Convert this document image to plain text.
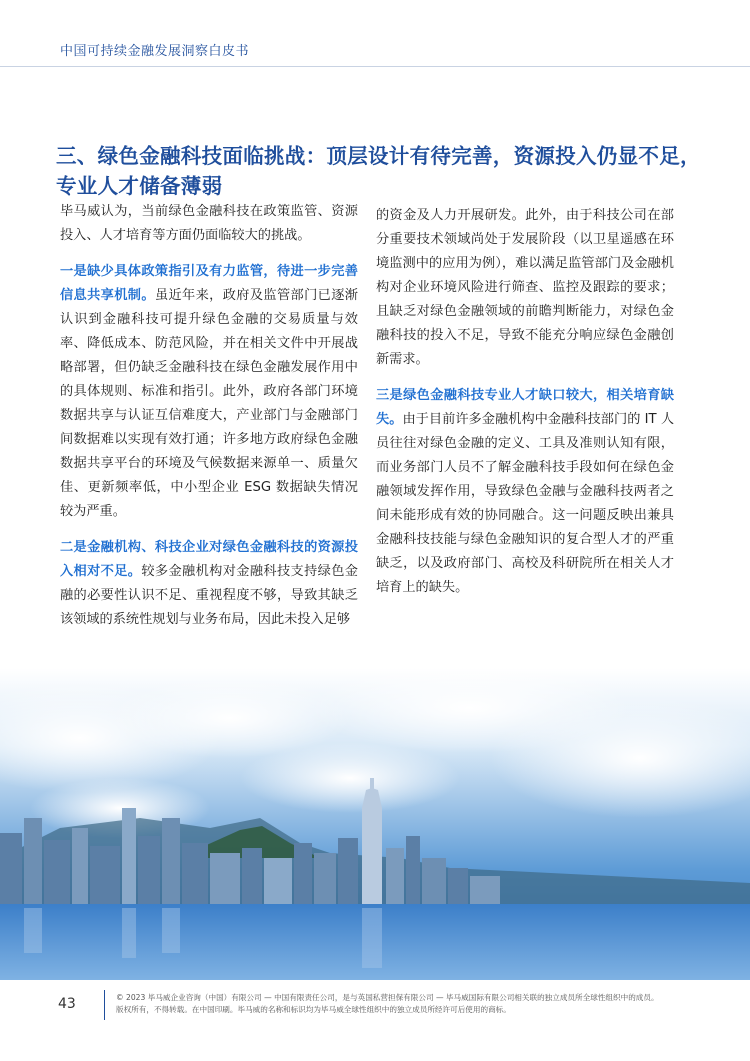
中国可持续金融发展洞察白皮书
三、绿色金融科技面临挑战：顶层设计有待完善，资源投入仍显不足，专业人才储备薄弱

毕马威认为，当前绿色金融科技在政策监管、资源投入、人才培育等方面仍面临较大的挑战。

一是缺少具体政策指引及有力监管，待进一步完善信息共享机制。虽近年来，政府及监管部门已逐渐认识到金融科技可提升绿色金融的交易质量与效率、降低成本、防范风险，并在相关文件中开展战略部署，但仍缺乏金融科技在绿色金融发展作用中的具体规则、标准和指引。此外，政府各部门环境数据共享与认证互信难度大，产业部门与金融部门间数据难以实现有效打通；许多地方政府绿色金融数据共享平台的环境及气候数据来源单一、质量欠佳、更新频率低，中小型企业 ESG 数据缺失情况较为严重。

二是金融机构、科技企业对绿色金融科技的资源投入相对不足。较多金融机构对金融科技支持绿色金融的必要性认识不足、重视程度不够，导致其缺乏该领域的系统性规划与业务布局，因此未投入足够

的资金及人力开展研发。此外，由于科技公司在部分重要技术领域尚处于发展阶段（以卫星遥感在环境监测中的应用为例），难以满足监管部门及金融机构对企业环境风险进行筛查、监控及跟踪的要求；且缺乏对绿色金融领域的前瞻判断能力，对绿色金融科技的投入不足，导致不能充分响应绿色金融创新需求。

三是绿色金融科技专业人才缺口较大，相关培育缺失。由于目前许多金融机构中金融科技部门的 IT 人员往往对绿色金融的定义、工具及准则认知有限，而业务部门人员不了解金融科技手段如何在绿色金融领域发挥作用，导致绿色金融与金融科技两者之间未能形成有效的协同融合。这一问题反映出兼具金融科技技能与绿色金融知识的复合型人才的严重缺乏，以及政府部门、高校及科研院所在相关人才培育上的缺失。

43	© 2023 毕马威企业咨询（中国）有限公司 — 中国有限责任公司，是与英国私营担保有限公司 — 毕马威国际有限公司相关联的独立成员所全球性组织中的成员。
版权所有，不得转载。在中国印刷。毕马威的名称和标识均为毕马威全球性组织中的独立成员所经许可后使用的商标。
